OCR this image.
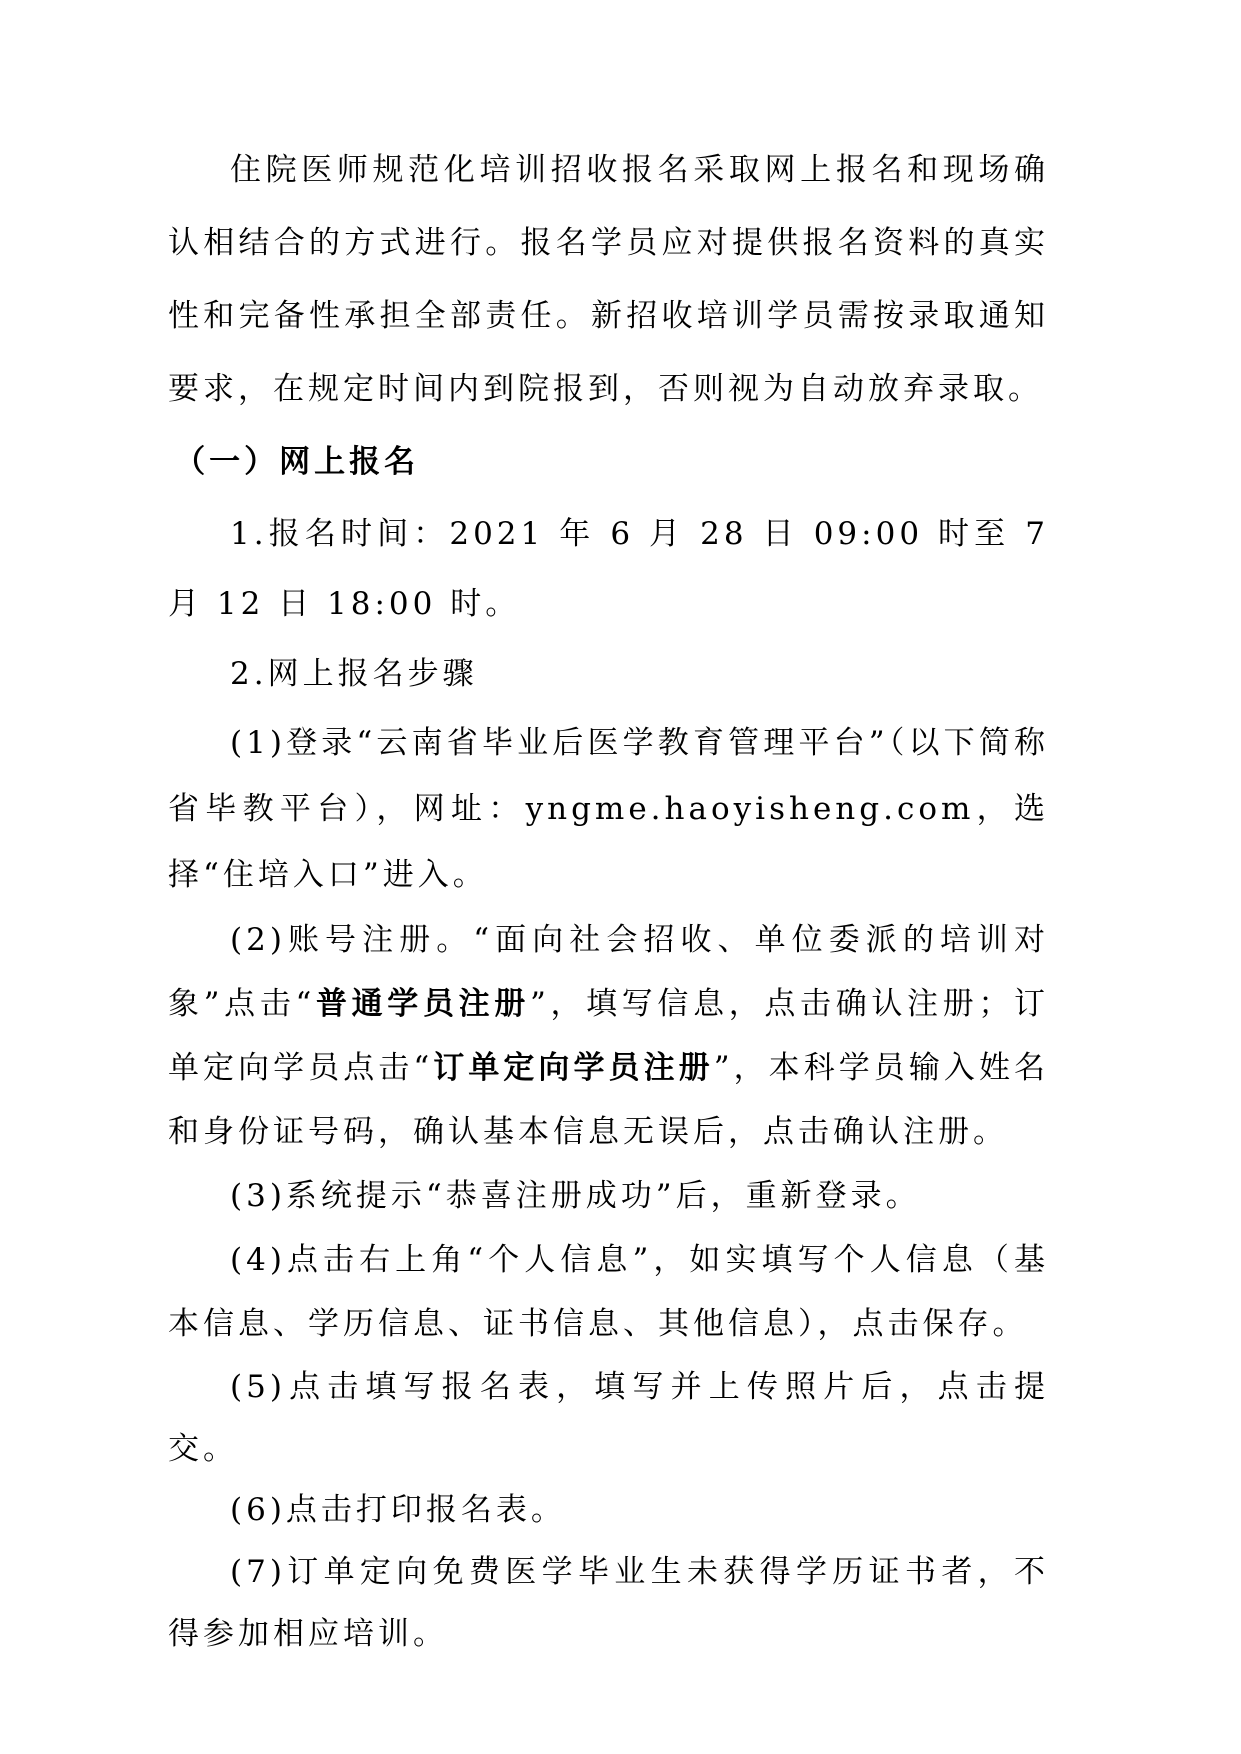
住院医师规范化培训招收报名采取网上报名和现场确认相结合的方式进行。报名学员应对提供报名资料的真实性和完备性承担全部责任。新招收培训学员需按录取通知要求，在规定时间内到院报到，否则视为自动放弃录取。

（一）网上报名

1.报名时间：2021 年 6 月 28 日 09:00 时至 7 月 12 日 18:00 时。

2.网上报名步骤

(1)登录“云南省毕业后医学教育管理平台”（以下简称省毕教平台），网址：yngme.haoyisheng.com，选择“住培入口”进入。

(2)账号注册。“面向社会招收、单位委派的培训对象”点击“普通学员注册”，填写信息，点击确认注册；订单定向学员点击“订单定向学员注册”，本科学员输入姓名和身份证号码，确认基本信息无误后，点击确认注册。

(3)系统提示“恭喜注册成功”后，重新登录。

(4)点击右上角“个人信息”，如实填写个人信息（基本信息、学历信息、证书信息、其他信息），点击保存。

(5)点击填写报名表，填写并上传照片后，点击提交。

(6)点击打印报名表。

(7)订单定向免费医学毕业生未获得学历证书者，不得参加相应培训。
